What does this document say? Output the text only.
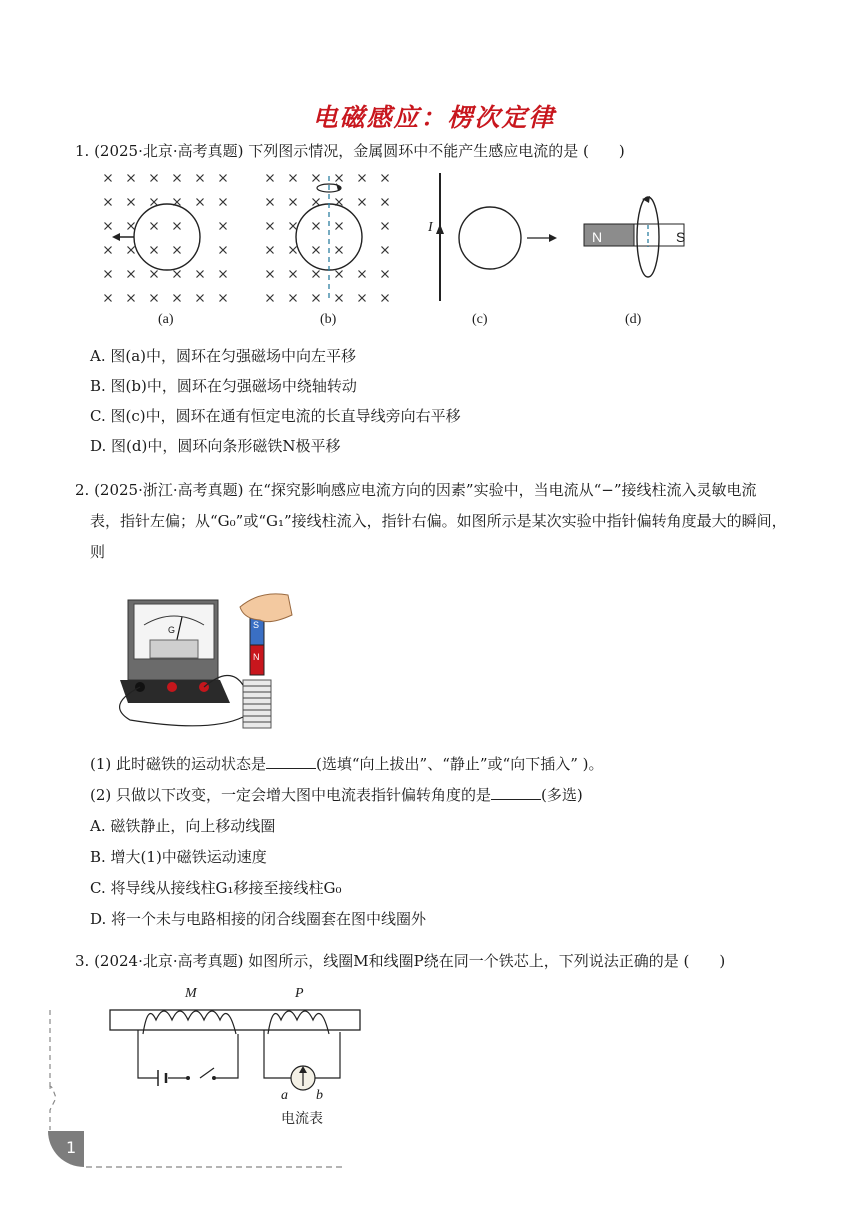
电磁感应：楞次定律
1. (2025·北京·高考真题) 下列图示情况，金属圆环中不能产生感应电流的是 (　　)
I
N	S
(a)	(b)	(c)	(d)
A. 图(a)中，圆环在匀强磁场中向左平移
B. 图(b)中，圆环在匀强磁场中绕轴转动
C. 图(c)中，圆环在通有恒定电流的长直导线旁向右平移
D. 图(d)中，圆环向条形磁铁N极平移
2. (2025·浙江·高考真题) 在“探究影响感应电流方向的因素”实验中，当电流从“−”接线柱流入灵敏电流
表，指针左偏；从“G₀”或“G₁”接线柱流入，指针右偏。如图所示是某次实验中指针偏转角度最大的瞬间，
则
G	S
N
(1) 此时磁铁的运动状态是	(选填“向上拔出”、“静止”或“向下插入” )。
(2) 只做以下改变，一定会增大图中电流表指针偏转角度的是	(多选)
A. 磁铁静止，向上移动线圈
B. 增大(1)中磁铁运动速度
C. 将导线从接线柱G₁移接至接线柱G₀
D. 将一个未与电路相接的闭合线圈套在图中线圈外
3. (2024·北京·高考真题) 如图所示，线圈M和线圈P绕在同一个铁芯上，下列说法正确的是 (　　)
M	P
a b
电流表
1
